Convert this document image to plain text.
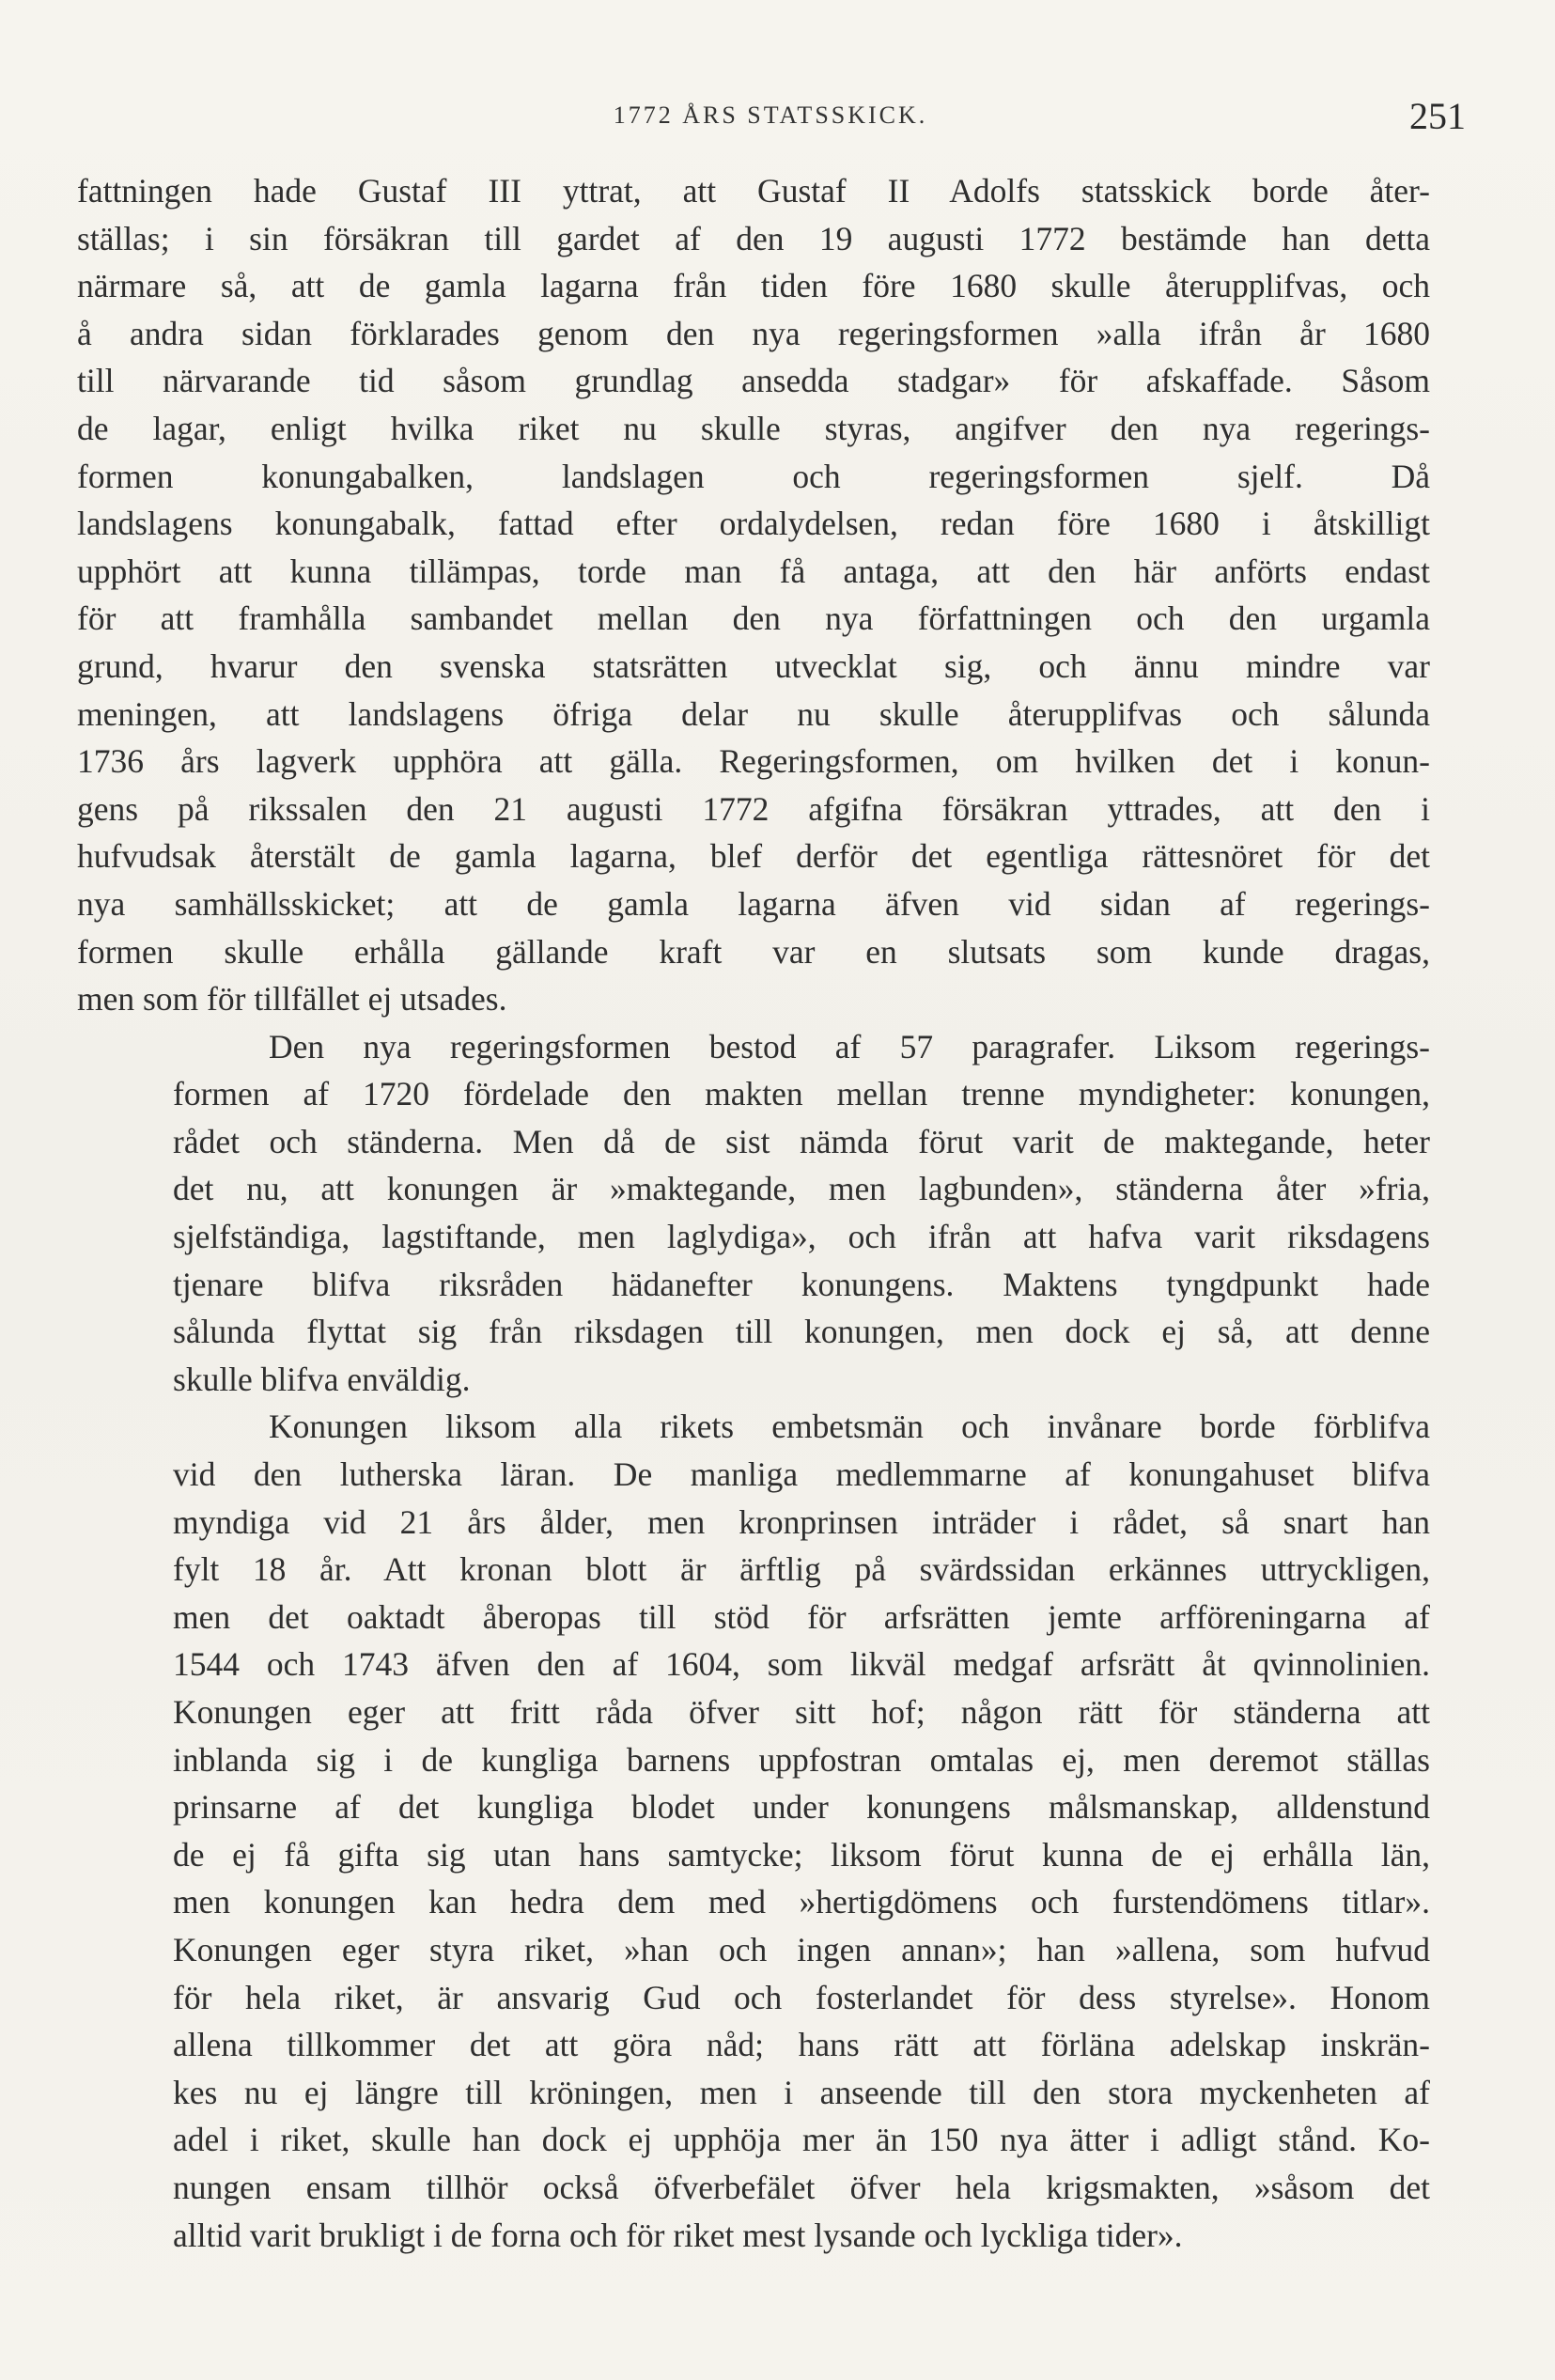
1772 ÅRS STATSSKICK.	251

fattningen hade Gustaf III yttrat, att Gustaf II Adolfs statsskick borde åter-
ställas; i sin försäkran till gardet af den 19 augusti 1772 bestämde han detta
närmare så, att de gamla lagarna från tiden före 1680 skulle återupplifvas, och
å andra sidan förklarades genom den nya regeringsformen »alla ifrån år 1680
till närvarande tid såsom grundlag ansedda stadgar» för afskaffade. Såsom
de lagar, enligt hvilka riket nu skulle styras, angifver den nya regerings-
formen konungabalken, landslagen och regeringsformen sjelf. Då
landslagens konungabalk, fattad efter ordalydelsen, redan före 1680 i åtskilligt
upphört att kunna tillämpas, torde man få antaga, att den här anförts endast
för att framhålla sambandet mellan den nya författningen och den urgamla
grund, hvarur den svenska statsrätten utvecklat sig, och ännu mindre var
meningen, att landslagens öfriga delar nu skulle återupplifvas och sålunda
1736 års lagverk upphöra att gälla. Regeringsformen, om hvilken det i konun-
gens på rikssalen den 21 augusti 1772 afgifna försäkran yttrades, att den i
hufvudsak återstält de gamla lagarna, blef derför det egentliga rättesnöret för det
nya samhällsskicket; att de gamla lagarna äfven vid sidan af regerings-
formen skulle erhålla gällande kraft var en slutsats som kunde dragas,
men som för tillfället ej utsades.

Den nya regeringsformen bestod af 57 paragrafer. Liksom regerings-
formen af 1720 fördelade den makten mellan trenne myndigheter: konungen,
rådet och ständerna. Men då de sist nämda förut varit de maktegande, heter
det nu, att konungen är »maktegande, men lagbunden», ständerna åter »fria,
sjelfständiga, lagstiftande, men laglydiga», och ifrån att hafva varit riksdagens
tjenare blifva riksråden hädanefter konungens. Maktens tyngdpunkt hade
sålunda flyttat sig från riksdagen till konungen, men dock ej så, att denne
skulle blifva enväldig.

Konungen liksom alla rikets embetsmän och invånare borde förblifva
vid den lutherska läran. De manliga medlemmarne af konungahuset blifva
myndiga vid 21 års ålder, men kronprinsen inträder i rådet, så snart han
fylt 18 år. Att kronan blott är ärftlig på svärdssidan erkännes uttryckligen,
men det oaktadt åberopas till stöd för arfsrätten jemte arfföreningarna af
1544 och 1743 äfven den af 1604, som likväl medgaf arfsrätt åt qvinnolinien.
Konungen eger att fritt råda öfver sitt hof; någon rätt för ständerna att
inblanda sig i de kungliga barnens uppfostran omtalas ej, men deremot ställas
prinsarne af det kungliga blodet under konungens målsmanskap, alldenstund
de ej få gifta sig utan hans samtycke; liksom förut kunna de ej erhålla län,
men konungen kan hedra dem med »hertigdömens och furstendömens titlar».
Konungen eger styra riket, »han och ingen annan»; han »allena, som hufvud
för hela riket, är ansvarig Gud och fosterlandet för dess styrelse». Honom
allena tillkommer det att göra nåd; hans rätt att förläna adelskap inskrän-
kes nu ej längre till kröningen, men i anseende till den stora myckenheten af
adel i riket, skulle han dock ej upphöja mer än 150 nya ätter i adligt stånd. Ko-
nungen ensam tillhör också öfverbefälet öfver hela krigsmakten, »såsom det
alltid varit brukligt i de forna och för riket mest lysande och lyckliga tider».
